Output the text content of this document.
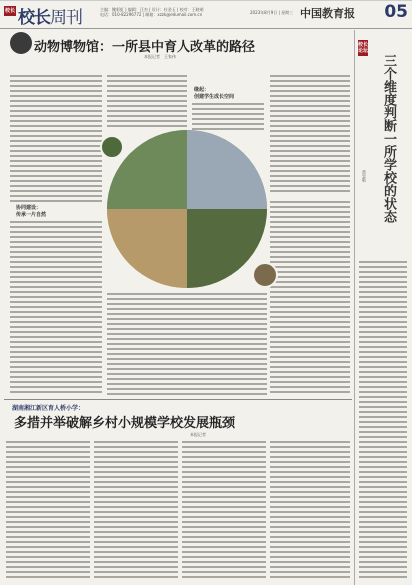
校长 校长周刊	主编：鲍彩虹 | 编辑：汪杰 | 设计：杜金玉 | 校对：王晓萌
电话：010-82296772 | 邮箱：xzzk@edumail.com.cn	2023年8月9日 | 星期三 中国教育报 05
动物博物馆：一所县中育人改革的路径
本报记者　王家伟
协同建设：
传承一片自然
缘起：
创建学生成长空间
校长论坛
三个维度判断一所学校的状态
黄忠敬
湖南湘江新区育人桥小学：
多措并举破解乡村小规模学校发展瓶颈
本报记者
